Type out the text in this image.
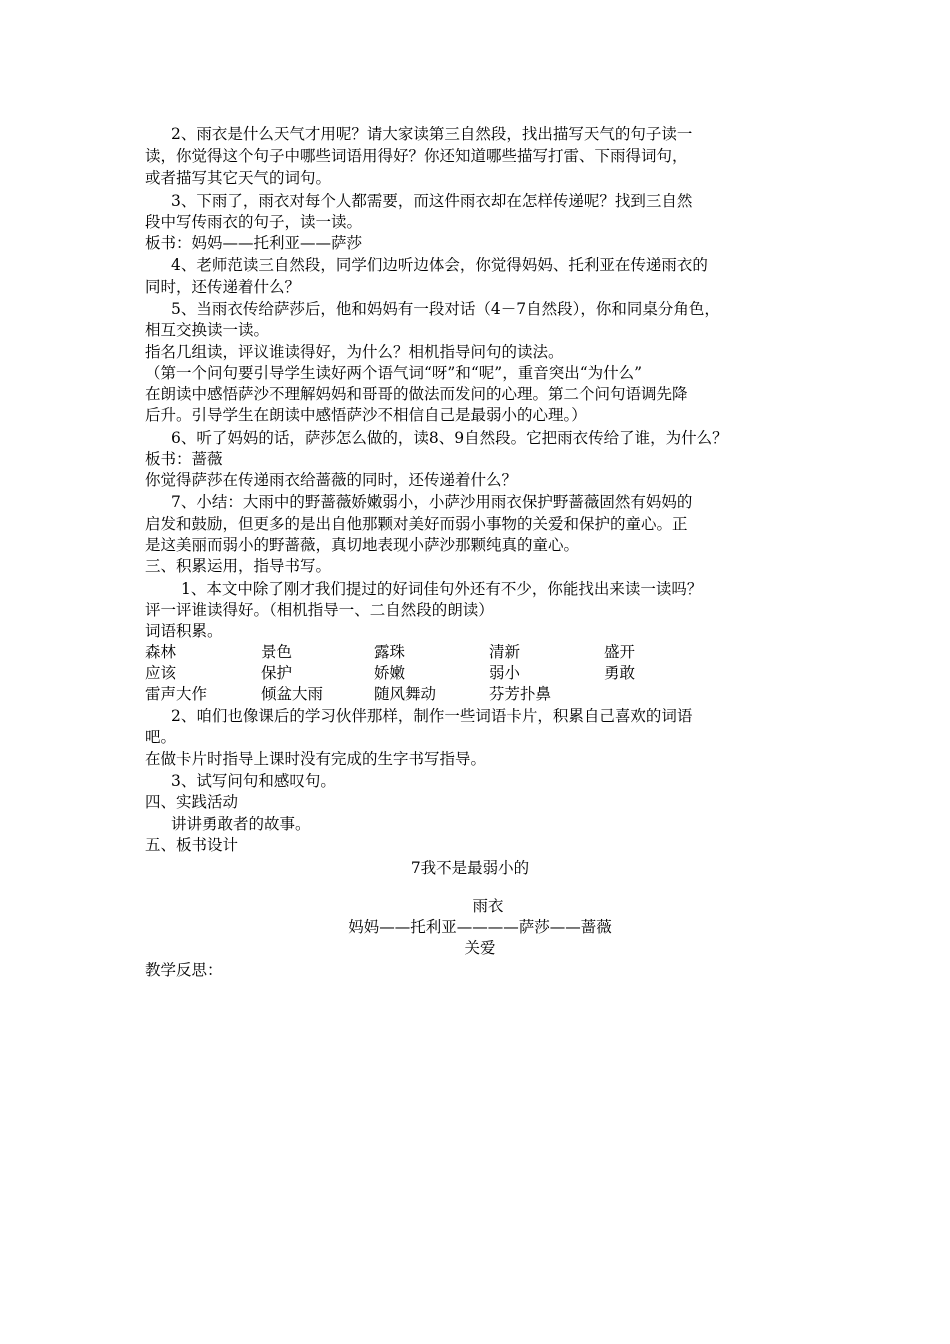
2、雨衣是什么天气才用呢？请大家读第三自然段，找出描写天气的句子读一
读，你觉得这个句子中哪些词语用得好？你还知道哪些描写打雷、下雨得词句，
或者描写其它天气的词句。
3、下雨了，雨衣对每个人都需要，而这件雨衣却在怎样传递呢？找到三自然
段中写传雨衣的句子，读一读。
板书：妈妈——托利亚——萨莎
4、老师范读三自然段，同学们边听边体会，你觉得妈妈、托利亚在传递雨衣的
同时，还传递着什么？
5、当雨衣传给萨莎后，他和妈妈有一段对话（4－7自然段），你和同桌分角色，
相互交换读一读。
指名几组读，评议谁读得好，为什么？相机指导问句的读法。
（第一个问句要引导学生读好两个语气词“呀”和“呢”，重音突出“为什么”
在朗读中感悟萨沙不理解妈妈和哥哥的做法而发问的心理。第二个问句语调先降
后升。引导学生在朗读中感悟萨沙不相信自己是最弱小的心理。）
6、听了妈妈的话，萨莎怎么做的，读8、9自然段。它把雨衣传给了谁，为什么？
板书：蔷薇
你觉得萨莎在传递雨衣给蔷薇的同时，还传递着什么？
7、小结：大雨中的野蔷薇娇嫩弱小，小萨沙用雨衣保护野蔷薇固然有妈妈的
启发和鼓励，但更多的是出自他那颗对美好而弱小事物的关爱和保护的童心。正
是这美丽而弱小的野蔷薇，真切地表现小萨沙那颗纯真的童心。
三、积累运用，指导书写。
1、本文中除了刚才我们提过的好词佳句外还有不少，你能找出来读一读吗？
评一评谁读得好。（相机指导一、二自然段的朗读）
词语积累。
森林	景色	露珠	清新	盛开
应该	保护	娇嫩	弱小	勇敢
雷声大作	倾盆大雨	随风舞动	芬芳扑鼻
2、咱们也像课后的学习伙伴那样，制作一些词语卡片，积累自己喜欢的词语
吧。
在做卡片时指导上课时没有完成的生字书写指导。
3、试写问句和感叹句。
四、实践活动
讲讲勇敢者的故事。
五、板书设计
7我不是最弱小的
雨衣
妈妈——托利亚————萨莎——蔷薇
关爱
教学反思：
